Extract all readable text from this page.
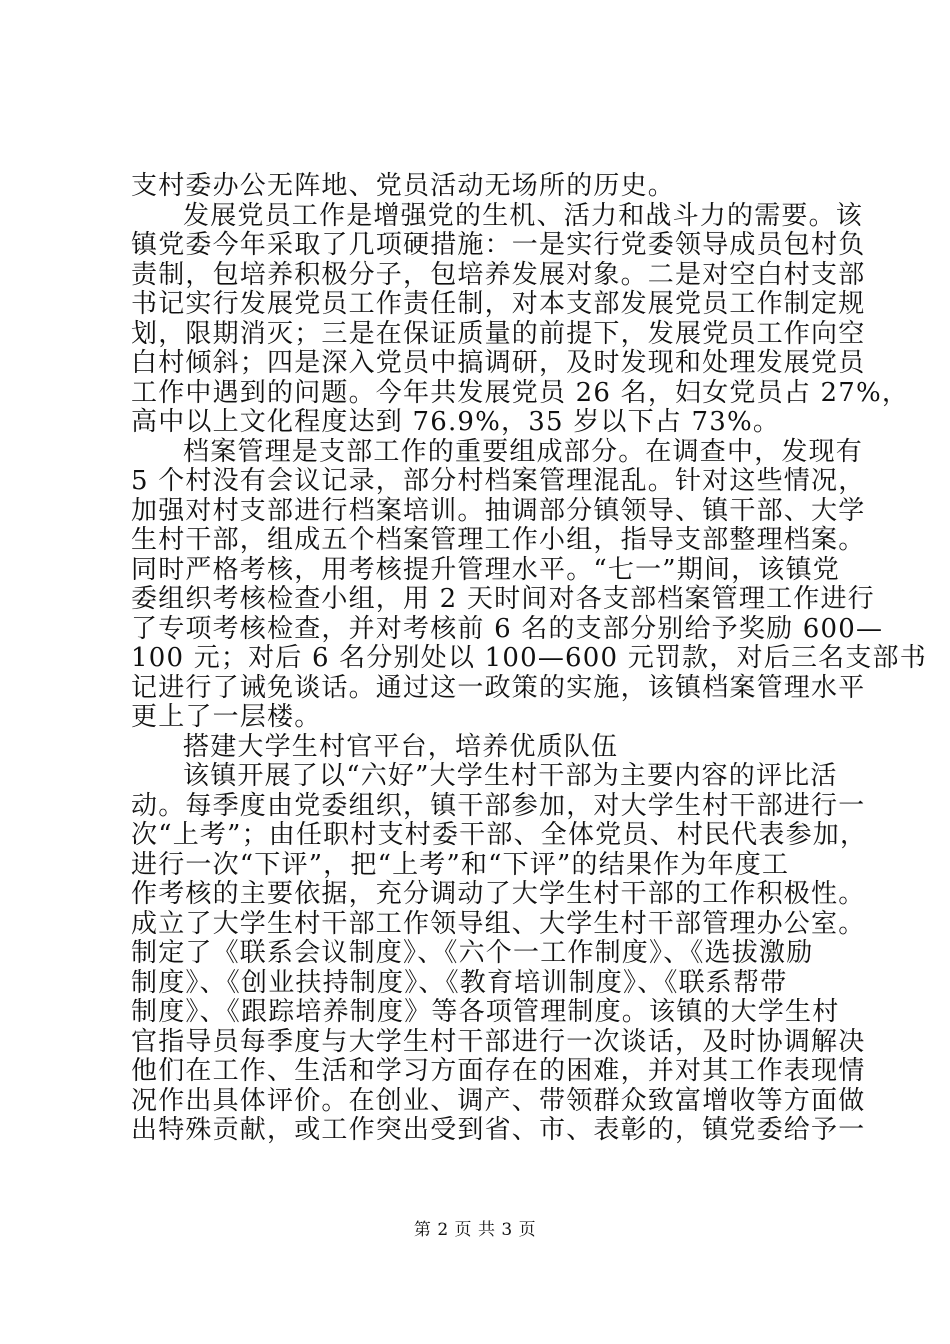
支村委办公无阵地、党员活动无场所的历史。
发展党员工作是增强党的生机、活力和战斗力的需要。该
镇党委今年采取了几项硬措施：一是实行党委领导成员包村负
责制，包培养积极分子，包培养发展对象。二是对空白村支部
书记实行发展党员工作责任制，对本支部发展党员工作制定规
划，限期消灭；三是在保证质量的前提下，发展党员工作向空
白村倾斜；四是深入党员中搞调研，及时发现和处理发展党员
工作中遇到的问题。今年共发展党员 26 名，妇女党员占 27%，
高中以上文化程度达到 76.9%，35 岁以下占 73%。
档案管理是支部工作的重要组成部分。在调查中，发现有
5 个村没有会议记录，部分村档案管理混乱。针对这些情况，
加强对村支部进行档案培训。抽调部分镇领导、镇干部、大学
生村干部，组成五个档案管理工作小组，指导支部整理档案。
同时严格考核，用考核提升管理水平。“七一”期间，该镇党
委组织考核检查小组，用 2 天时间对各支部档案管理工作进行
了专项考核检查，并对考核前 6 名的支部分别给予奖励 600—
100 元；对后 6 名分别处以 100—600 元罚款，对后三名支部书
记进行了诫免谈话。通过这一政策的实施，该镇档案管理水平
更上了一层楼。
搭建大学生村官平台，培养优质队伍
该镇开展了以“六好”大学生村干部为主要内容的评比活
动。每季度由党委组织，镇干部参加，对大学生村干部进行一
次“上考”；由任职村支村委干部、全体党员、村民代表参加，
进行一次“下评”，把“上考”和“下评”的结果作为年度工
作考核的主要依据，充分调动了大学生村干部的工作积极性。
成立了大学生村干部工作领导组、大学生村干部管理办公室。
制定了《联系会议制度》、《六个一工作制度》、《选拔激励
制度》、《创业扶持制度》、《教育培训制度》、《联系帮带
制度》、《跟踪培养制度》等各项管理制度。该镇的大学生村
官指导员每季度与大学生村干部进行一次谈话，及时协调解决
他们在工作、生活和学习方面存在的困难，并对其工作表现情
况作出具体评价。在创业、调产、带领群众致富增收等方面做
出特殊贡献，或工作突出受到省、市、表彰的，镇党委给予一
第 2 页 共 3 页
